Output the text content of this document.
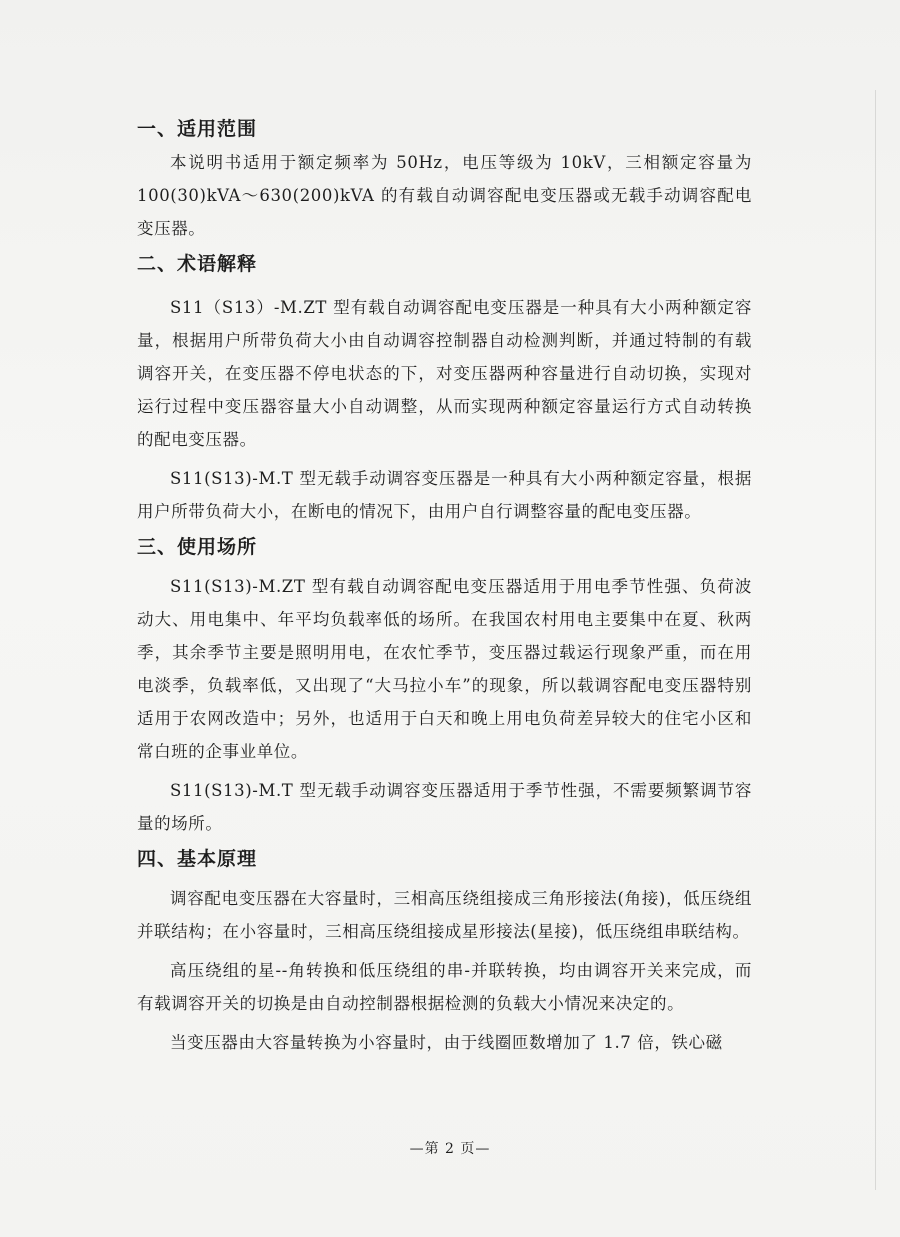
一、适用范围

本说明书适用于额定频率为 50Hz，电压等级为 10kV，三相额定容量为100(30)kVA～630(200)kVA 的有载自动调容配电变压器或无载手动调容配电变压器。

二、术语解释

S11（S13）-M.ZT 型有载自动调容配电变压器是一种具有大小两种额定容量，根据用户所带负荷大小由自动调容控制器自动检测判断，并通过特制的有载调容开关，在变压器不停电状态的下，对变压器两种容量进行自动切换，实现对运行过程中变压器容量大小自动调整，从而实现两种额定容量运行方式自动转换的配电变压器。

S11(S13)-M.T 型无载手动调容变压器是一种具有大小两种额定容量，根据用户所带负荷大小，在断电的情况下，由用户自行调整容量的配电变压器。

三、使用场所

S11(S13)-M.ZT 型有载自动调容配电变压器适用于用电季节性强、负荷波动大、用电集中、年平均负载率低的场所。在我国农村用电主要集中在夏、秋两季，其余季节主要是照明用电，在农忙季节，变压器过载运行现象严重，而在用电淡季，负载率低，又出现了“大马拉小车”的现象，所以载调容配电变压器特别适用于农网改造中；另外，也适用于白天和晚上用电负荷差异较大的住宅小区和常白班的企事业单位。

S11(S13)-M.T 型无载手动调容变压器适用于季节性强，不需要频繁调节容量的场所。

四、基本原理

调容配电变压器在大容量时，三相高压绕组接成三角形接法(角接)，低压绕组并联结构；在小容量时，三相高压绕组接成星形接法(星接)，低压绕组串联结构。

高压绕组的星--角转换和低压绕组的串-并联转换，均由调容开关来完成，而有载调容开关的切换是由自动控制器根据检测的负载大小情况来决定的。

当变压器由大容量转换为小容量时，由于线圈匝数增加了 1.7 倍，铁心磁

—第 2 页—
